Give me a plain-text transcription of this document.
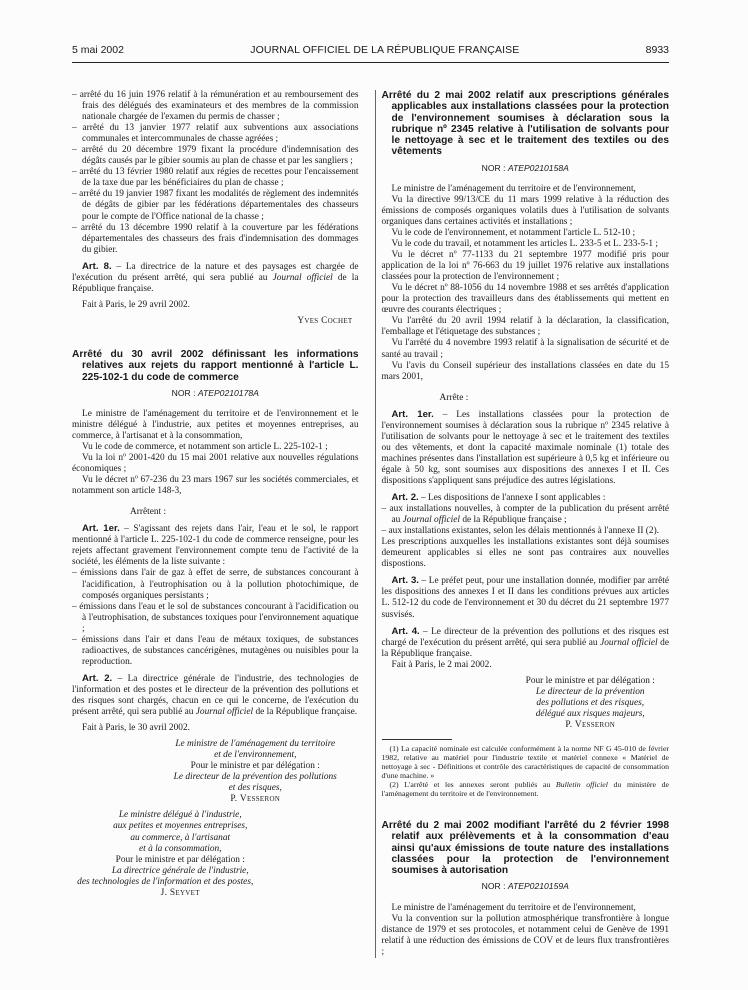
5 mai 2002	JOURNAL OFFICIEL DE LA RÉPUBLIQUE FRANÇAISE	8933

– arrêté du 16 juin 1976 relatif à la rémunération et au remboursement des frais des délégués des examinateurs et des membres de la commission nationale chargée de l'examen du permis de chasser ;

– arrêté du 13 janvier 1977 relatif aux subventions aux associations communales et intercommunales de chasse agréées ;

– arrêté du 20 décembre 1979 fixant la procédure d'indemnisation des dégâts causés par le gibier soumis au plan de chasse et par les sangliers ;

– arrêté du 13 février 1980 relatif aux régies de recettes pour l'encaissement de la taxe due par les bénéficiaires du plan de chasse ;

– arrêté du 19 janvier 1987 fixant les modalités de règlement des indemnités de dégâts de gibier par les fédérations départementales des chasseurs pour le compte de l'Office national de la chasse ;

– arrêté du 13 décembre 1990 relatif à la couverture par les fédérations départementales des chasseurs des frais d'indemnisation des dommages du gibier.

Art. 8. – La directrice de la nature et des paysages est chargée de l'exécution du présent arrêté, qui sera publié au Journal officiel de la République française.

Fait à Paris, le 29 avril 2002.

Yves Cochet

Arrêté du 30 avril 2002 définissant les informations relatives aux rejets du rapport mentionné à l'article L. 225-102-1 du code de commerce

NOR : ATEP0210178A

Le ministre de l'aménagement du territoire et de l'environnement et le ministre délégué à l'industrie, aux petites et moyennes entreprises, au commerce, à l'artisanat et à la consommation,

Vu le code de commerce, et notamment son article L. 225-102-1 ;

Vu la loi nº 2001-420 du 15 mai 2001 relative aux nouvelles régulations économiques ;

Vu le décret nº 67-236 du 23 mars 1967 sur les sociétés commerciales, et notamment son article 148-3,

Arrêtent :

Art. 1er. – S'agissant des rejets dans l'air, l'eau et le sol, le rapport mentionné à l'article L. 225-102-1 du code de commerce renseigne, pour les rejets affectant gravement l'environnement compte tenu de l'activité de la société, les éléments de la liste suivante :

– émissions dans l'air de gaz à effet de serre, de substances concourant à l'acidification, à l'eutrophisation ou à la pollution photochimique, de composés organiques persistants ;

– émissions dans l'eau et le sol de substances concourant à l'acidification ou à l'eutrophisation, de substances toxiques pour l'environnement aquatique ;

– émissions dans l'air et dans l'eau de métaux toxiques, de substances radioactives, de substances cancérigènes, mutagènes ou nuisibles pour la reproduction.

Art. 2. – La directrice générale de l'industrie, des technologies de l'information et des postes et le directeur de la prévention des pollutions et des risques sont chargés, chacun en ce qui le concerne, de l'exécution du présent arrêté, qui sera publié au Journal officiel de la République française.

Fait à Paris, le 30 avril 2002.

Le ministre de l'aménagement du territoire

et de l'environnement,

Pour le ministre et par délégation :

Le directeur de la prévention des pollutions

et des risques,

P. Vesseron

Le ministre délégué à l'industrie,

aux petites et moyennes entreprises,

au commerce, à l'artisanat

et à la consommation,

Pour le ministre et par délégation :

La directrice générale de l'industrie,

des technologies de l'information et des postes,

J. Seyvet

Arrêté du 2 mai 2002 relatif aux prescriptions générales applicables aux installations classées pour la protection de l'environnement soumises à déclaration sous la rubrique nº 2345 relative à l'utilisation de solvants pour le nettoyage à sec et le traitement des textiles ou des vêtements

NOR : ATEP0210158A

Le ministre de l'aménagement du territoire et de l'environnement,

Vu la directive 99/13/CE du 11 mars 1999 relative à la réduction des émissions de composés organiques volatils dues à l'utilisation de solvants organiques dans certaines activités et installations ;

Vu le code de l'environnement, et notamment l'article L. 512-10 ;

Vu le code du travail, et notamment les articles L. 233-5 et L. 233-5-1 ;

Vu le décret nº 77-1133 du 21 septembre 1977 modifié pris pour application de la loi nº 76-663 du 19 juillet 1976 relative aux installations classées pour la protection de l'environnement ;

Vu le décret nº 88-1056 du 14 novembre 1988 et ses arrêtés d'application pour la protection des travailleurs dans des établissements qui mettent en œuvre des courants électriques ;

Vu l'arrêté du 20 avril 1994 relatif à la déclaration, la classification, l'emballage et l'étiquetage des substances ;

Vu l'arrêté du 4 novembre 1993 relatif à la signalisation de sécurité et de santé au travail ;

Vu l'avis du Conseil supérieur des installations classées en date du 15 mars 2001,

Arrête :

Art. 1er. – Les installations classées pour la protection de l'environnement soumises à déclaration sous la rubrique nº 2345 relative à l'utilisation de solvants pour le nettoyage à sec et le traitement des textiles ou des vêtements, et dont la capacité maximale nominale (1) totale des machines présentes dans l'installation est supérieure à 0,5 kg et inférieure ou égale à 50 kg, sont soumises aux dispositions des annexes I et II. Ces dispositions s'appliquent sans préjudice des autres législations.

Art. 2. – Les dispositions de l'annexe I sont applicables :

– aux installations nouvelles, à compter de la publication du présent arrêté au Journal officiel de la République française ;

– aux installations existantes, selon les délais mentionnés à l'annexe II (2).

Les prescriptions auxquelles les installations existantes sont déjà soumises demeurent applicables si elles ne sont pas contraires aux nouvelles dispostions.

Art. 3. – Le préfet peut, pour une installation donnée, modifier par arrêté les dispositions des annexes I et II dans les conditions prévues aux articles L. 512-12 du code de l'environnement et 30 du décret du 21 septembre 1977 susvisés.

Art. 4. – Le directeur de la prévention des pollutions et des risques est chargé de l'exécution du présent arrêté, qui sera publié au Journal officiel de la République française.

Fait à Paris, le 2 mai 2002.

Pour le ministre et par délégation :

Le directeur de la prévention

des pollutions et des risques,

délégué aux risques majeurs,

P. Vesseron

(1) La capacité nominale est calculée conformément à la norme NF G 45-010 de février 1982, relative au matériel pour l'industrie textile et matériel connexe « Matériel de nettoyage à sec - Définitions et contrôle des caractéristiques de capacité de consommation d'une machine. »

(2) L'arrêté et les annexes seront publiés au Bulletin officiel du ministère de l'aménagement du territoire et de l'environnement.

Arrêté du 2 mai 2002 modifiant l'arrêté du 2 février 1998 relatif aux prélèvements et à la consommation d'eau ainsi qu'aux émissions de toute nature des installations classées pour la protection de l'environnement soumises à autorisation

NOR : ATEP0210159A

Le ministre de l'aménagement du territoire et de l'environnement,

Vu la convention sur la pollution atmosphérique transfrontière à longue distance de 1979 et ses protocoles, et notamment celui de Genève de 1991 relatif à une réduction des émissions de COV et de leurs flux transfrontières ;
